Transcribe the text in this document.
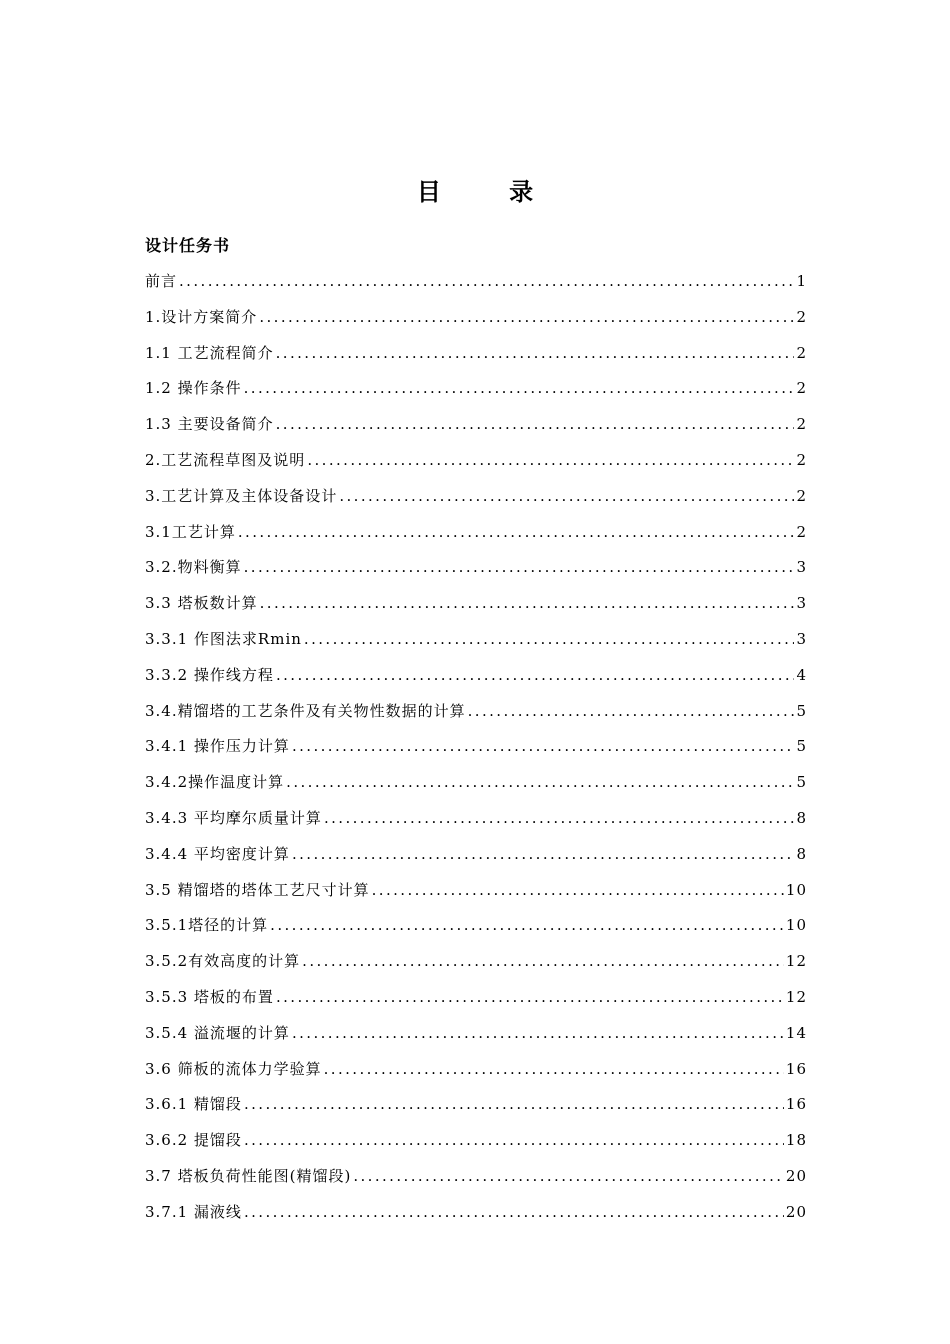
目 录
设计任务书
前言 .....	1
1.设计方案简介 .....	2
1.1 工艺流程简介 .....	2
1.2 操作条件 .....	2
1.3 主要设备简介 .....	2
2.工艺流程草图及说明 .....	2
3.工艺计算及主体设备设计 .....	2
3.1工艺计算 .....	2
3.2.物料衡算 .....	3
3.3 塔板数计算 .....	3
3.3.1 作图法求Rmin .....	3
3.3.2 操作线方程 .....	4
3.4.精馏塔的工艺条件及有关物性数据的计算 .....	5
3.4.1 操作压力计算 .....	5
3.4.2操作温度计算 .....	5
3.4.3 平均摩尔质量计算 .....	8
3.4.4 平均密度计算 .....	8
3.5 精馏塔的塔体工艺尺寸计算 .....	10
3.5.1塔径的计算 .....	10
3.5.2有效高度的计算 .....	12
3.5.3 塔板的布置 .....	12
3.5.4 溢流堰的计算 .....	14
3.6 筛板的流体力学验算 .....	16
3.6.1 精馏段 .....	16
3.6.2 提馏段 .....	18
3.7 塔板负荷性能图(精馏段) .....	20
3.7.1 漏液线 .....	20
